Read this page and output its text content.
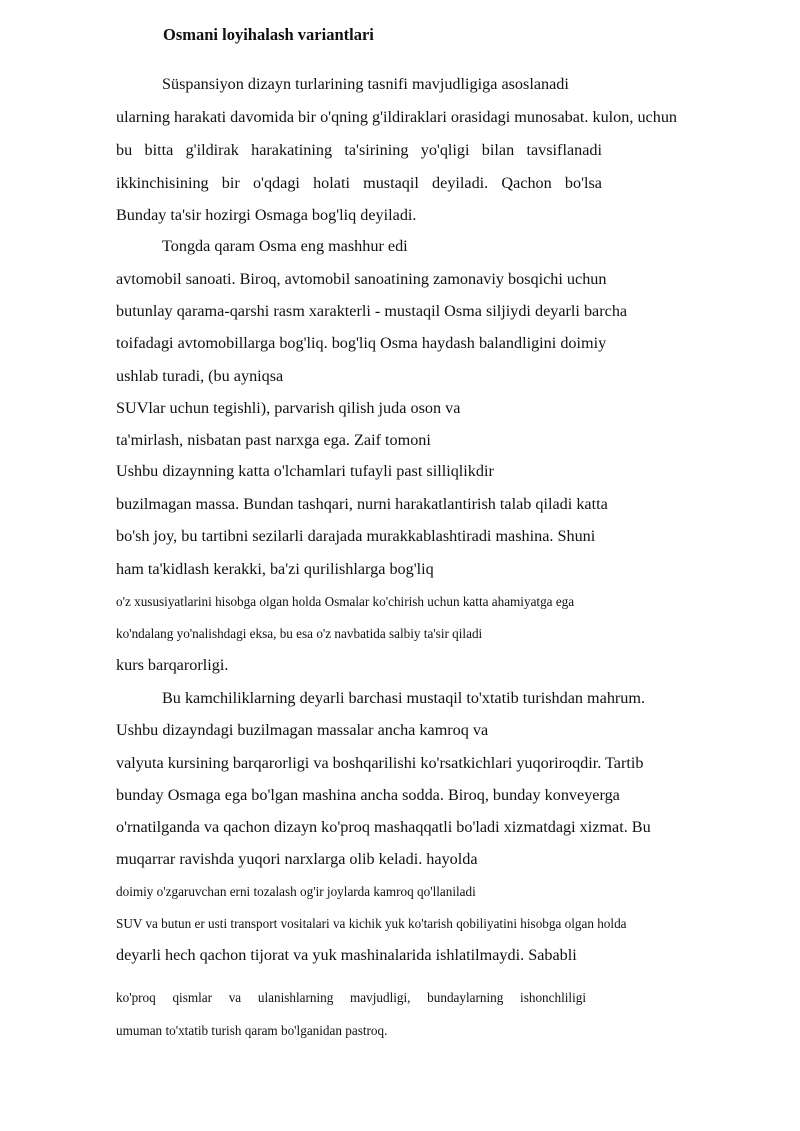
Osmani loyihalash variantlari

Süspansiyon dizayn turlarining tasnifi mavjudligiga asoslanadi

ularning harakati davomida bir o'qning g'ildiraklari orasidagi munosabat. kulon, uchun

bu bitta g'ildirak harakatining ta'sirining yo'qligi bilan tavsiflanadi

ikkinchisining bir o'qdagi holati mustaqil deyiladi. Qachon bo'lsa

Bunday ta'sir hozirgi Osmaga bog'liq deyiladi.

Tongda qaram Osma eng mashhur edi

avtomobil sanoati. Biroq, avtomobil sanoatining zamonaviy bosqichi uchun

butunlay qarama-qarshi rasm xarakterli - mustaqil Osma siljiydi deyarli barcha

toifadagi avtomobillarga bog'liq. bog'liq Osma haydash balandligini doimiy

ushlab turadi, (bu ayniqsa

SUVlar uchun tegishli), parvarish qilish juda oson va

ta'mirlash, nisbatan past narxga ega. Zaif tomoni

Ushbu dizaynning katta o'lchamlari tufayli past silliqlikdir

buzilmagan massa. Bundan tashqari, nurni harakatlantirish talab qiladi katta

bo'sh joy, bu tartibni sezilarli darajada murakkablashtiradi mashina. Shuni

ham ta'kidlash kerakki, ba'zi qurilishlarga bog'liq

o'z xususiyatlarini hisobga olgan holda Osmalar ko'chirish uchun katta ahamiyatga ega

ko'ndalang yo'nalishdagi eksa, bu esa o'z navbatida salbiy ta'sir qiladi

kurs barqarorligi.

Bu kamchiliklarning deyarli barchasi mustaqil to'xtatib turishdan mahrum.

Ushbu dizayndagi buzilmagan massalar ancha kamroq va

valyuta kursining barqarorligi va boshqarilishi ko'rsatkichlari yuqoriroqdir. Tartib

bunday Osmaga ega bo'lgan mashina ancha sodda. Biroq, bunday konveyerga

o'rnatilganda va qachon dizayn ko'proq mashaqqatli bo'ladi xizmatdagi xizmat. Bu

muqarrar ravishda yuqori narxlarga olib keladi. hayolda

doimiy o'zgaruvchan erni tozalash og'ir joylarda kamroq qo'llaniladi

SUV va butun er usti transport vositalari va kichik yuk ko'tarish qobiliyatini hisobga olgan holda

deyarli hech qachon tijorat va yuk mashinalarida ishlatilmaydi. Sababli

ko'proq qismlar va ulanishlarning mavjudligi, bundaylarning ishonchliligi

umuman to'xtatib turish qaram bo'lganidan pastroq.
